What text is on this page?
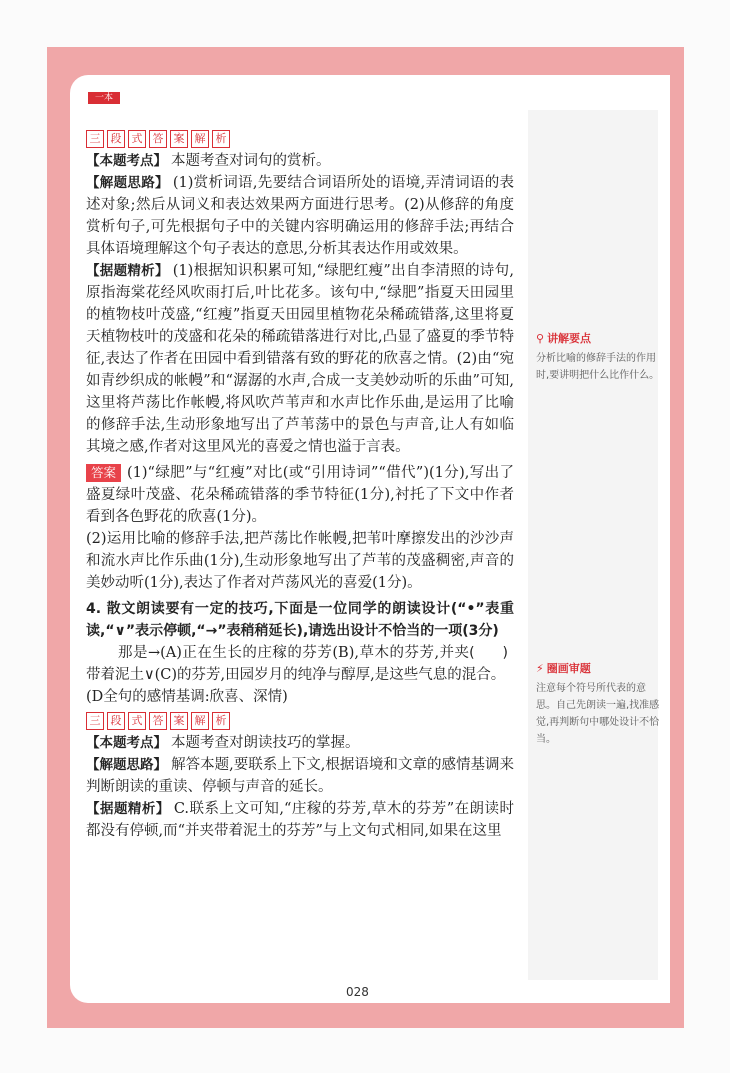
一本
三 段 式 答 案 解 析

【本题考点】 本题考查对词句的赏析。

【解题思路】 (1)赏析词语,先要结合词语所处的语境,弄清词语的表述对象;然后从词义和表达效果两方面进行思考。(2)从修辞的角度赏析句子,可先根据句子中的关键内容明确运用的修辞手法;再结合具体语境理解这个句子表达的意思,分析其表达作用或效果。

【据题精析】 (1)根据知识积累可知,“绿肥红瘦”出自李清照的诗句,原指海棠花经风吹雨打后,叶比花多。该句中,“绿肥”指夏天田园里的植物枝叶茂盛,“红瘦”指夏天田园里植物花朵稀疏错落,这里将夏天植物枝叶的茂盛和花朵的稀疏错落进行对比,凸显了盛夏的季节特征,表达了作者在田园中看到错落有致的野花的欣喜之情。(2)由“宛如青纱织成的帐幔”和“潺潺的水声,合成一支美妙动听的乐曲”可知,这里将芦荡比作帐幔,将风吹芦苇声和水声比作乐曲,是运用了比喻的修辞手法,生动形象地写出了芦苇荡中的景色与声音,让人有如临其境之感,作者对这里风光的喜爱之情也溢于言表。

答案 (1)“绿肥”与“红瘦”对比(或“引用诗词”“借代”)(1分),写出了盛夏绿叶茂盛、花朵稀疏错落的季节特征(1分),衬托了下文中作者看到各色野花的欣喜(1分)。

(2)运用比喻的修辞手法,把芦荡比作帐幔,把苇叶摩擦发出的沙沙声和流水声比作乐曲(1分),生动形象地写出了芦苇的茂盛稠密,声音的美妙动听(1分),表达了作者对芦荡风光的喜爱(1分)。

4. 散文朗读要有一定的技巧,下面是一位同学的朗读设计(“•”表重读,“∨”表示停顿,“→”表稍稍延长),请选出设计不恰当的一项(3分)
(　　)

那是→(A)正在生长的庄稼的芬芳(B),草木的芬芳,并夹带着泥土∨(C)的芬芳,田园岁月的纯净与醇厚,是这些气息的混合。

(D全句的感情基调:欣喜、深情)

三 段 式 答 案 解 析

【本题考点】 本题考查对朗读技巧的掌握。

【解题思路】 解答本题,要联系上下文,根据语境和文章的感情基调来判断朗读的重读、停顿与声音的延长。

【据题精析】 C.联系上文可知,“庄稼的芬芳,草木的芬芳”在朗读时都没有停顿,而“并夹带着泥土的芬芳”与上文句式相同,如果在这里

⚲ 讲解要点
分析比喻的修辞手法的作用时,要讲明把什么比作什么。
⚡ 圈画审题
注意每个符号所代表的意思。自己先朗读一遍,找准感觉,再判断句中哪处设计不恰当。
028
